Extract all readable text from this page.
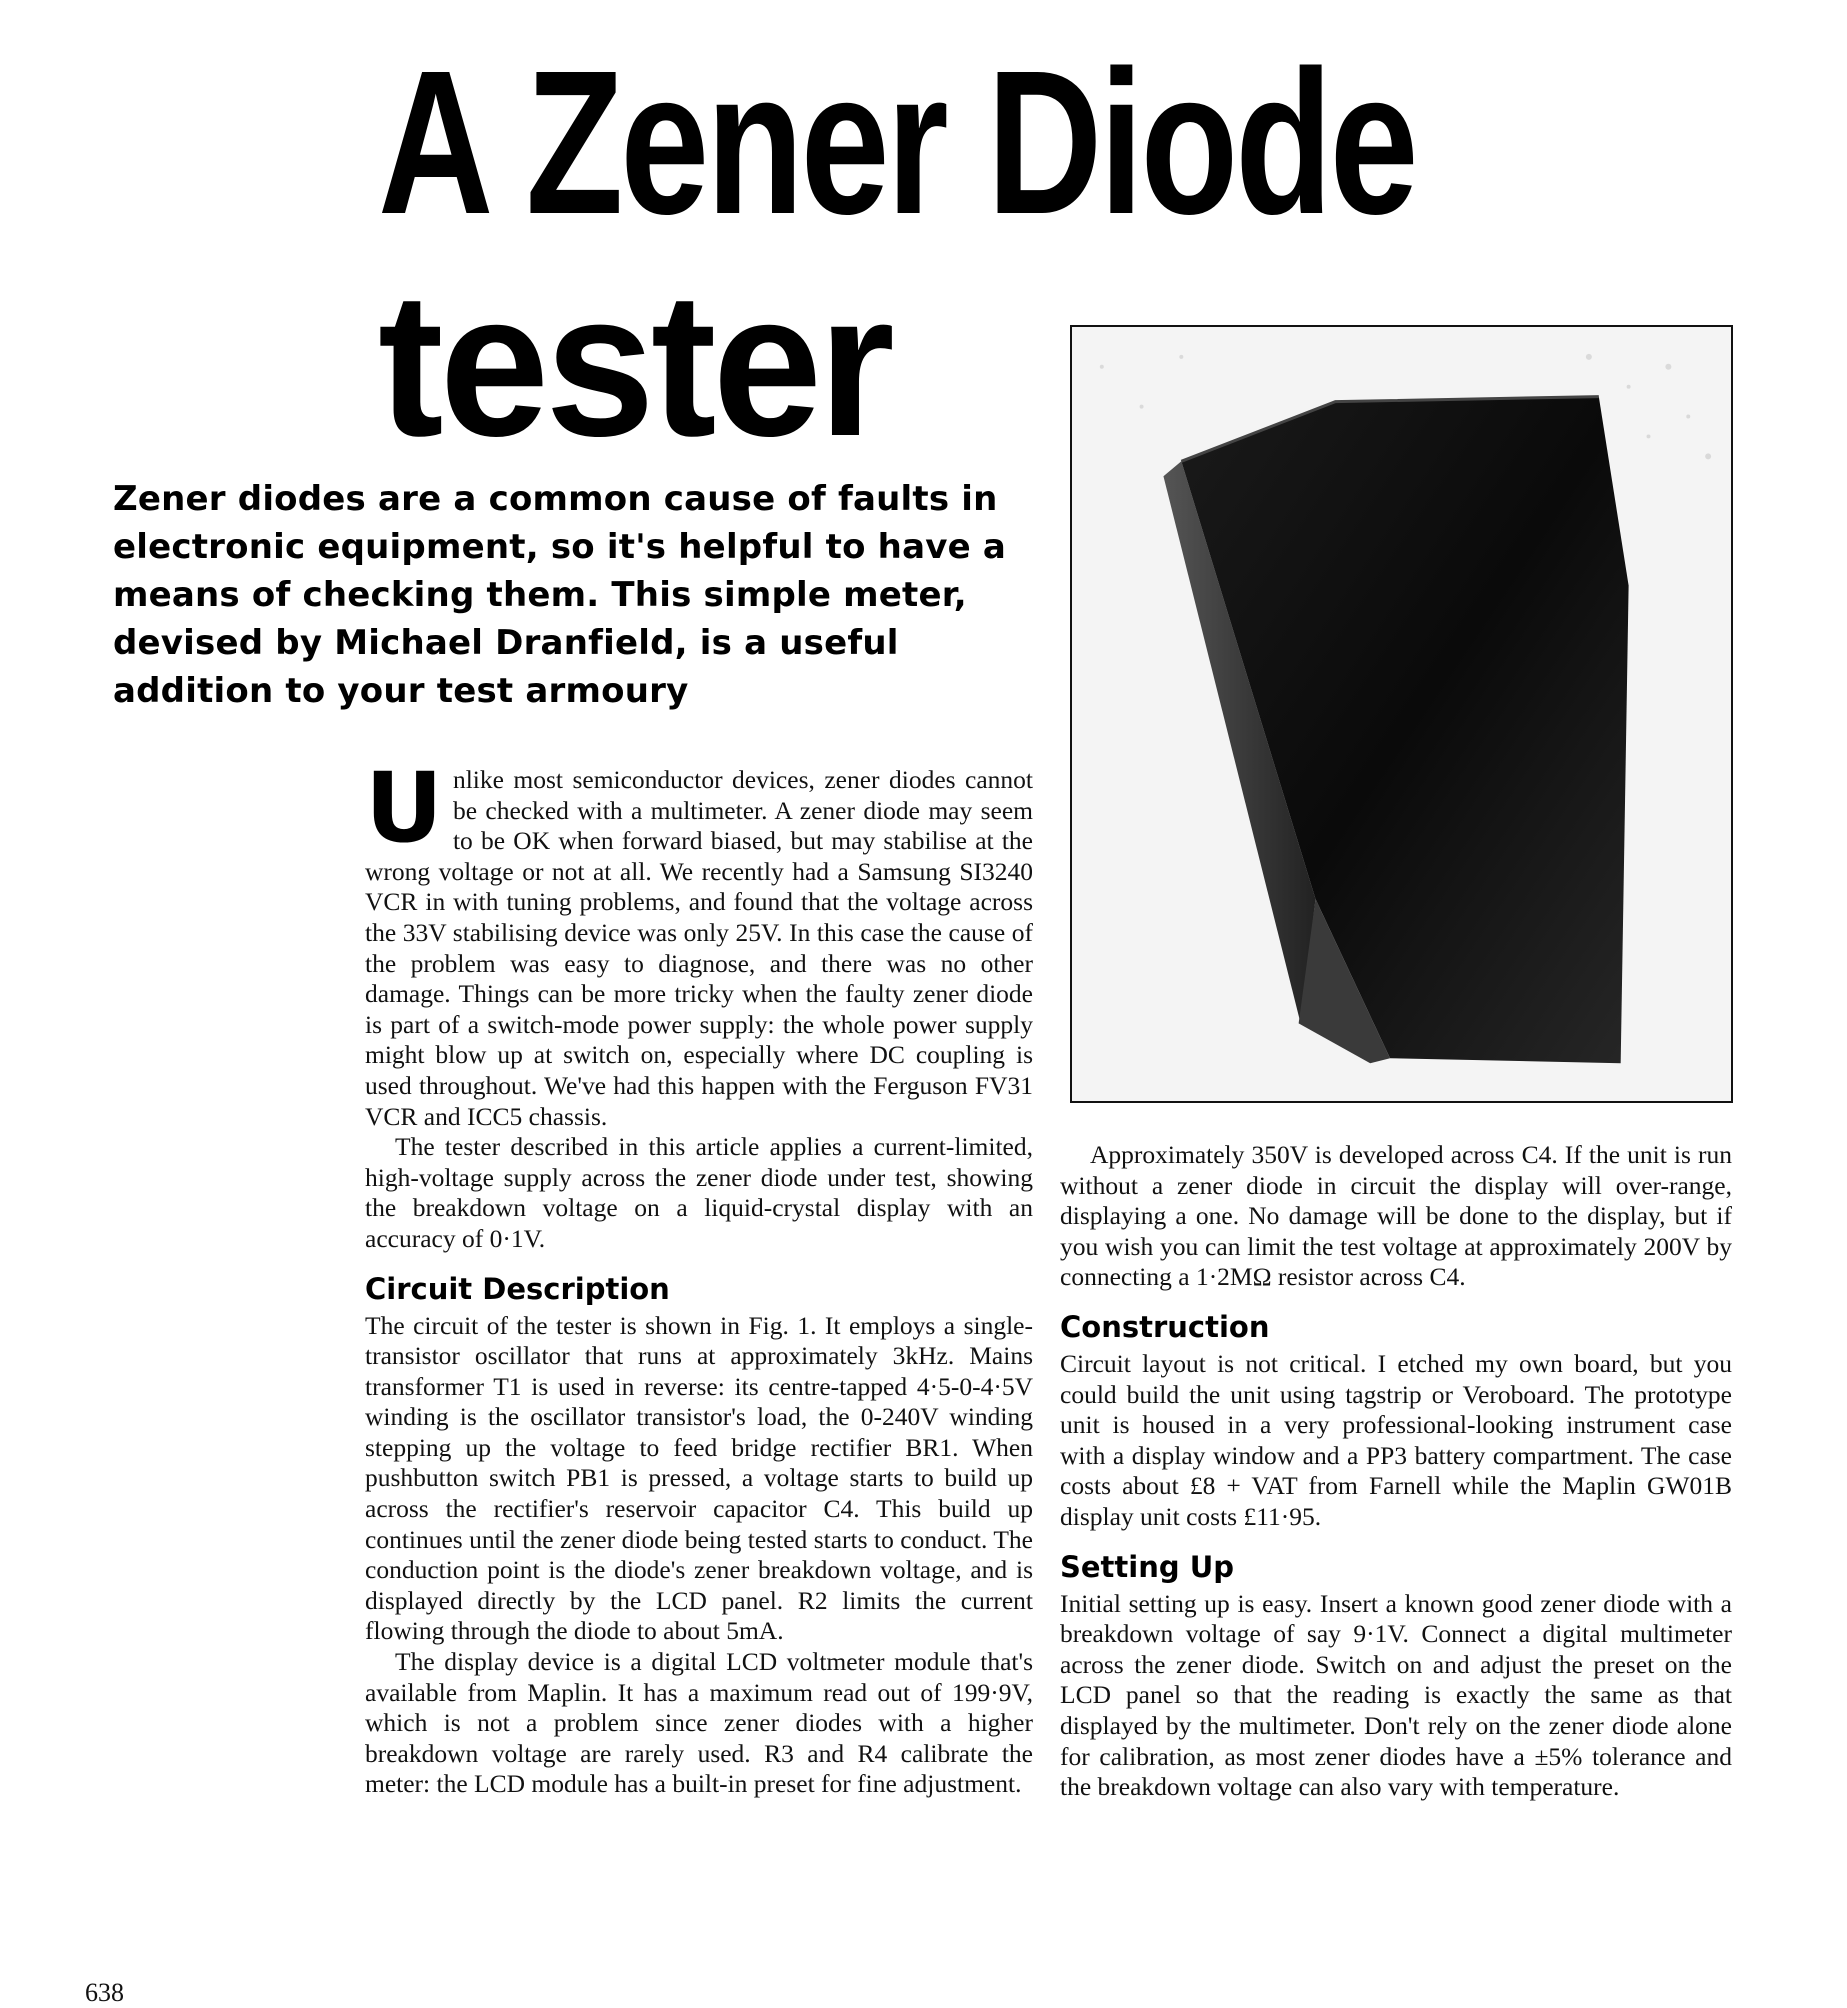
A Zener Diode
tester
Zener diodes are a common cause of faults in electronic equipment, so it's helpful to have a means of checking them. This simple meter, devised by Michael Dranfield, is a useful addition to your test armoury

Unlike most semiconductor devices, zener diodes cannot be checked with a multimeter. A zener diode may seem to be OK when forward biased, but may stabilise at the wrong voltage or not at all. We recently had a Samsung SI3240 VCR in with tuning problems, and found that the voltage across the 33V stabilising device was only 25V. In this case the cause of the problem was easy to diagnose, and there was no other damage. Things can be more tricky when the faulty zener diode is part of a switch-mode power supply: the whole power supply might blow up at switch on, especially where DC coupling is used throughout. We've had this happen with the Ferguson FV31 VCR and ICC5 chassis.

The tester described in this article applies a current-limited, high-voltage supply across the zener diode under test, showing the breakdown voltage on a liquid-crystal display with an accuracy of 0·1V.

Circuit Description

The circuit of the tester is shown in Fig. 1. It employs a single-transistor oscillator that runs at approximately 3kHz. Mains transformer T1 is used in reverse: its centre-tapped 4·5-0-4·5V winding is the oscillator transistor's load, the 0-240V winding stepping up the voltage to feed bridge rectifier BR1. When pushbutton switch PB1 is pressed, a voltage starts to build up across the rectifier's reservoir capacitor C4. This build up continues until the zener diode being tested starts to conduct. The conduction point is the diode's zener breakdown voltage, and is displayed directly by the LCD panel. R2 limits the current flowing through the diode to about 5mA.

The display device is a digital LCD voltmeter module that's available from Maplin. It has a maximum read out of 199·9V, which is not a problem since zener diodes with a higher breakdown voltage are rarely used. R3 and R4 calibrate the meter: the LCD module has a built-in preset for fine adjustment.

Approximately 350V is developed across C4. If the unit is run without a zener diode in circuit the display will over-range, displaying a one. No damage will be done to the display, but if you wish you can limit the test voltage at approximately 200V by connecting a 1·2MΩ resistor across C4.

Construction

Circuit layout is not critical. I etched my own board, but you could build the unit using tagstrip or Veroboard. The prototype unit is housed in a very professional-looking instrument case with a display window and a PP3 battery compartment. The case costs about £8 + VAT from Farnell while the Maplin GW01B display unit costs £11·95.

Setting Up

Initial setting up is easy. Insert a known good zener diode with a breakdown voltage of say 9·1V. Connect a digital multimeter across the zener diode. Switch on and adjust the preset on the LCD panel so that the reading is exactly the same as that displayed by the multimeter. Don't rely on the zener diode alone for calibration, as most zener diodes have a ±5% tolerance and the breakdown voltage can also vary with temperature.

638
